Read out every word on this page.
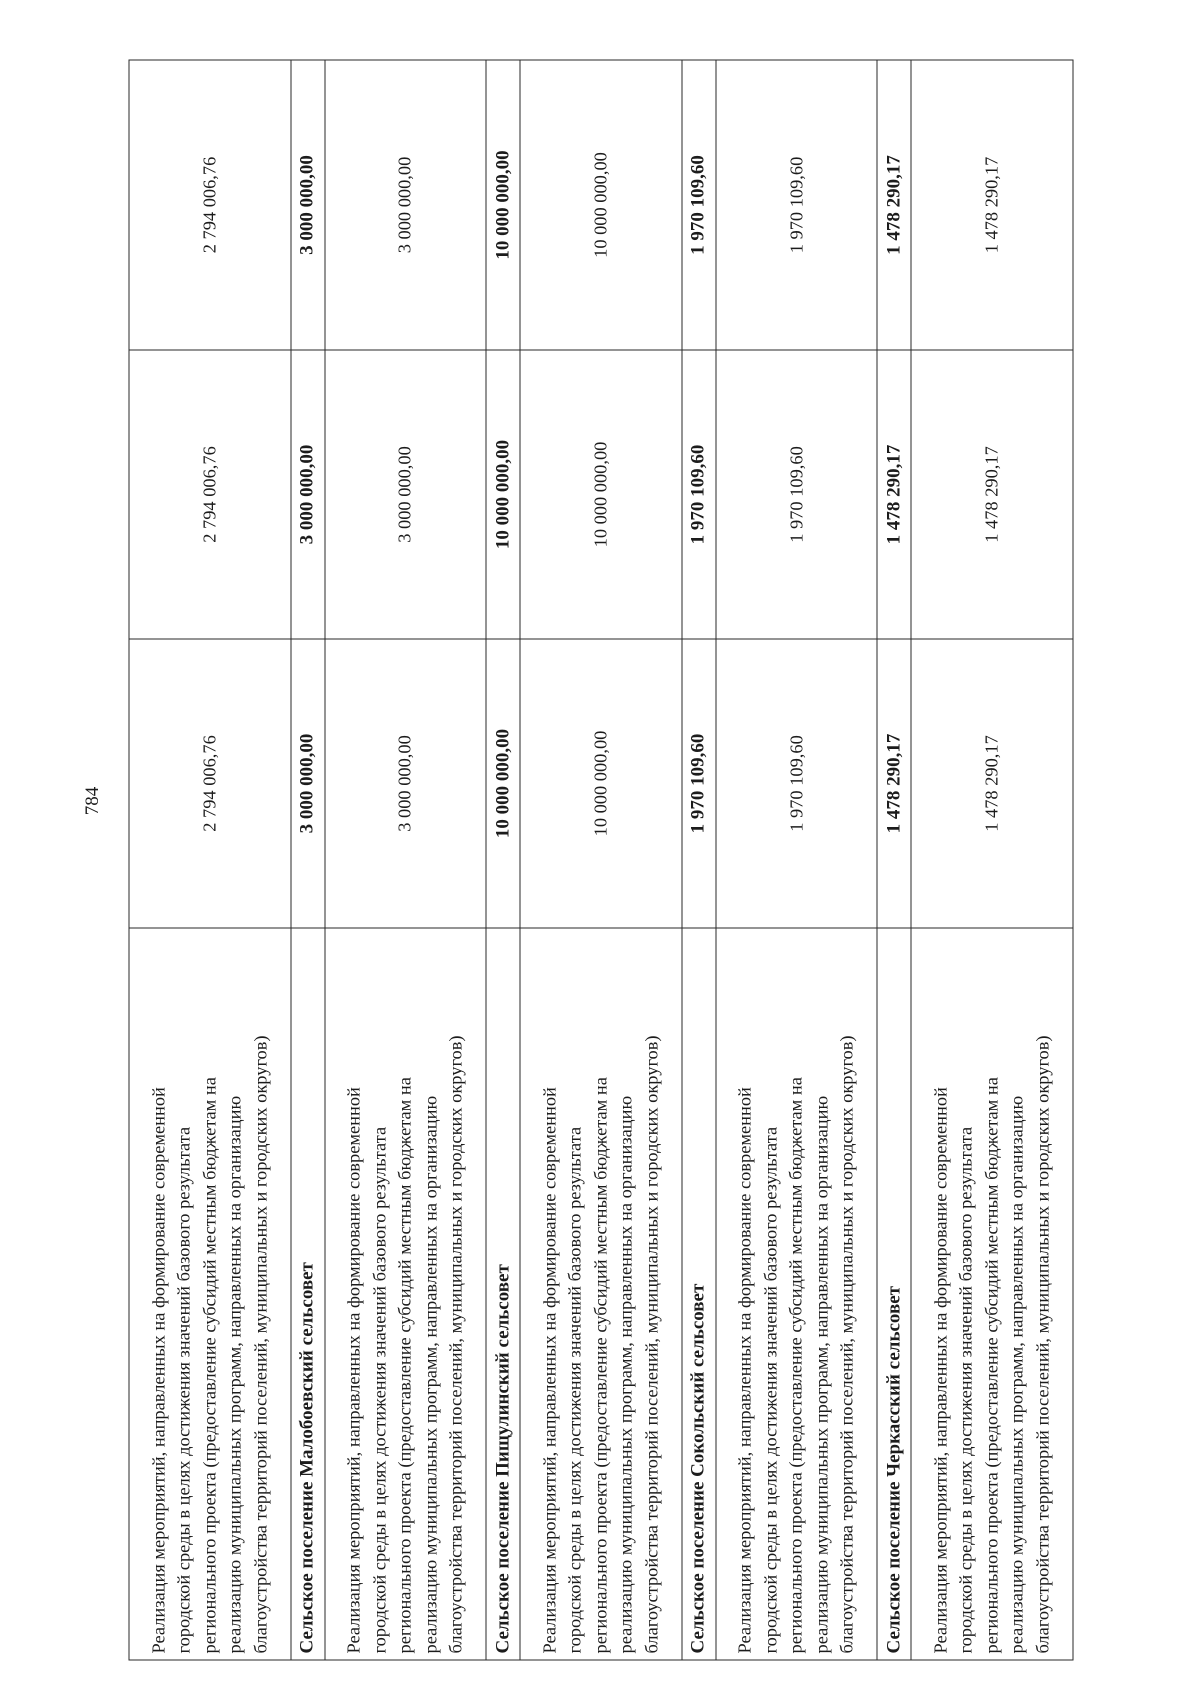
784
Реализация мероприятий, направленных на формирование современной городской среды в целях достижения значений базового результата регионального проекта (предоставление субсидий местным бюджетам на реализацию муниципальных программ, направленных на организацию благоустройства территорий поселений, муниципальных и городских округов)	2 794 006,76	2 794 006,76	2 794 006,76
Сельское поселение Малобоевский сельсовет	3 000 000,00	3 000 000,00	3 000 000,00

Реализация мероприятий, направленных на формирование современной городской среды в целях достижения значений базового результата регионального проекта (предоставление субсидий местным бюджетам на реализацию муниципальных программ, направленных на организацию благоустройства территорий поселений, муниципальных и городских округов)	3 000 000,00	3 000 000,00	3 000 000,00
Сельское поселение Пищулинский сельсовет	10 000 000,00	10 000 000,00	10 000 000,00

Реализация мероприятий, направленных на формирование современной городской среды в целях достижения значений базового результата регионального проекта (предоставление субсидий местным бюджетам на реализацию муниципальных программ, направленных на организацию благоустройства территорий поселений, муниципальных и городских округов)	10 000 000,00	10 000 000,00	10 000 000,00
Сельское поселение Сокольский сельсовет	1 970 109,60	1 970 109,60	1 970 109,60

Реализация мероприятий, направленных на формирование современной городской среды в целях достижения значений базового результата регионального проекта (предоставление субсидий местным бюджетам на реализацию муниципальных программ, направленных на организацию благоустройства территорий поселений, муниципальных и городских округов)	1 970 109,60	1 970 109,60	1 970 109,60
Сельское поселение Черкасский сельсовет	1 478 290,17	1 478 290,17	1 478 290,17

Реализация мероприятий, направленных на формирование современной городской среды в целях достижения значений базового результата регионального проекта (предоставление субсидий местным бюджетам на реализацию муниципальных программ, направленных на организацию благоустройства территорий поселений, муниципальных и городских округов)	1 478 290,17	1 478 290,17	1 478 290,17
